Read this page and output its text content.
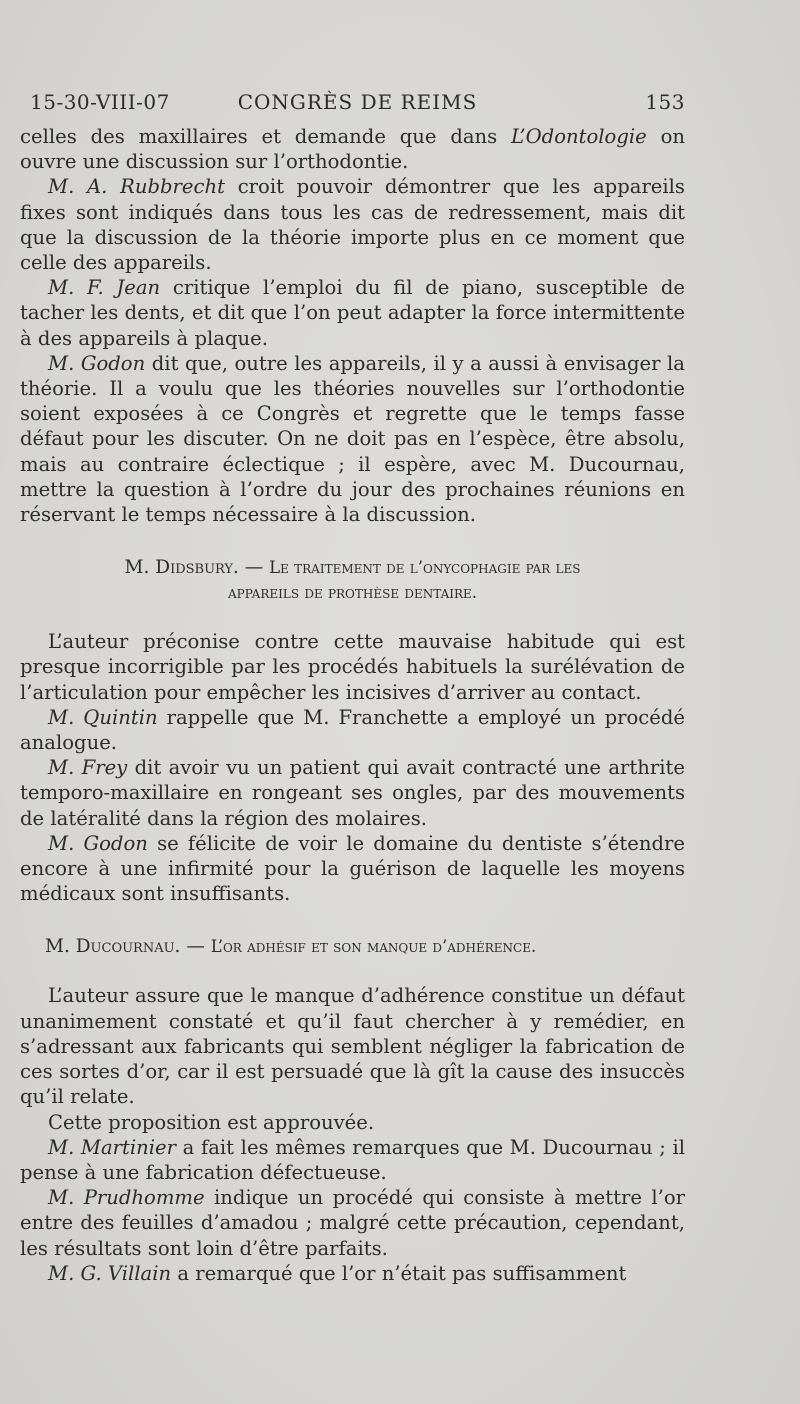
15-30-VIII-07	CONGRÈS DE REIMS	153

celles des maxillaires et demande que dans L’Odontologie on ouvre une discussion sur l’orthodontie.

M. A. Rubbrecht croit pouvoir démontrer que les appareils fixes sont indiqués dans tous les cas de redressement, mais dit que la discussion de la théorie importe plus en ce moment que celle des appareils.

M. F. Jean critique l’emploi du fil de piano, susceptible de tacher les dents, et dit que l’on peut adapter la force intermittente à des appareils à plaque.

M. Godon dit que, outre les appareils, il y a aussi à envisager la théorie. Il a voulu que les théories nouvelles sur l’orthodontie soient exposées à ce Congrès et regrette que le temps fasse défaut pour les discuter. On ne doit pas en l’espèce, être absolu, mais au contraire éclectique ; il espère, avec M. Ducournau, mettre la question à l’ordre du jour des prochaines réunions en réservant le temps nécessaire à la discussion.

M. Didsbury. — Le traitement de l’onycophagie par les
appareils de prothèse dentaire.

L’auteur préconise contre cette mauvaise habitude qui est presque incorrigible par les procédés habituels la surélévation de l’articulation pour empêcher les incisives d’arriver au contact.

M. Quintin rappelle que M. Franchette a employé un procédé analogue.

M. Frey dit avoir vu un patient qui avait contracté une arthrite temporo-maxillaire en rongeant ses ongles, par des mouvements de latéralité dans la région des molaires.

M. Godon se félicite de voir le domaine du dentiste s’étendre encore à une infirmité pour la guérison de laquelle les moyens médicaux sont insuffisants.

M. Ducournau. — L’or adhésif et son manque d’adhérence.

L’auteur assure que le manque d’adhérence constitue un défaut unanimement constaté et qu’il faut chercher à y remédier, en s’adressant aux fabricants qui semblent négliger la fabrication de ces sortes d’or, car il est persuadé que là gît la cause des insuccès qu’il relate.

Cette proposition est approuvée.

M. Martinier a fait les mêmes remarques que M. Ducournau ; il pense à une fabrication défectueuse.

M. Prudhomme indique un procédé qui consiste à mettre l’or entre des feuilles d’amadou ; malgré cette précaution, cependant, les résultats sont loin d’être parfaits.

M. G. Villain a remarqué que l’or n’était pas suffisamment
